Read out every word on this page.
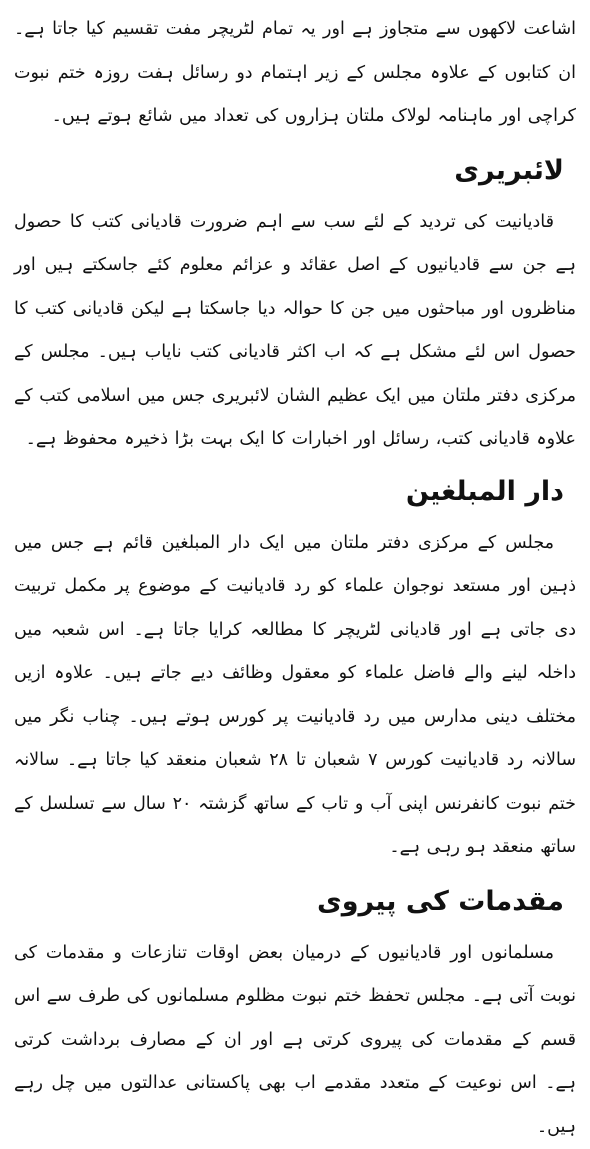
اشاعت لاکھوں سے متجاوز ہے اور یہ تمام لٹریچر مفت تقسیم کیا جاتا ہے۔ ان کتابوں کے علاوہ مجلس کے زیر اہتمام دو رسائل ہفت روزہ ختم نبوت کراچی اور ماہنامہ لولاک ملتان ہزاروں کی تعداد میں شائع ہوتے ہیں۔

لائبریری

قادیانیت کی تردید کے لئے سب سے اہم ضرورت قادیانی کتب کا حصول ہے جن سے قادیانیوں کے اصل عقائد و عزائم معلوم کئے جاسکتے ہیں اور مناظروں اور مباحثوں میں جن کا حوالہ دیا جاسکتا ہے لیکن قادیانی کتب کا حصول اس لئے مشکل ہے کہ اب اکثر قادیانی کتب نایاب ہیں۔ مجلس کے مرکزی دفتر ملتان میں ایک عظیم الشان لائبریری جس میں اسلامی کتب کے علاوہ قادیانی کتب، رسائل اور اخبارات کا ایک بہت بڑا ذخیرہ محفوظ ہے۔

دار المبلغین

مجلس کے مرکزی دفتر ملتان میں ایک دار المبلغین قائم ہے جس میں ذہین اور مستعد نوجوان علماء کو رد قادیانیت کے موضوع پر مکمل تربیت دی جاتی ہے اور قادیانی لٹریچر کا مطالعہ کرایا جاتا ہے۔ اس شعبہ میں داخلہ لینے والے فاضل علماء کو معقول وظائف دیے جاتے ہیں۔ علاوہ ازیں مختلف دینی مدارس میں رد قادیانیت پر کورس ہوتے ہیں۔ چناب نگر میں سالانہ رد قادیانیت کورس ۷ شعبان تا ۲۸ شعبان منعقد کیا جاتا ہے۔ سالانہ ختم نبوت کانفرنس اپنی آب و تاب کے ساتھ گزشتہ ۲۰ سال سے تسلسل کے ساتھ منعقد ہو رہی ہے۔

مقدمات کی پیروی

مسلمانوں اور قادیانیوں کے درمیان بعض اوقات تنازعات و مقدمات کی نوبت آتی ہے۔ مجلس تحفظ ختم نبوت مظلوم مسلمانوں کی طرف سے اس قسم کے مقدمات کی پیروی کرتی ہے اور ان کے مصارف برداشت کرتی ہے۔ اس نوعیت کے متعدد مقدمے اب بھی پاکستانی عدالتوں میں چل رہے ہیں۔
